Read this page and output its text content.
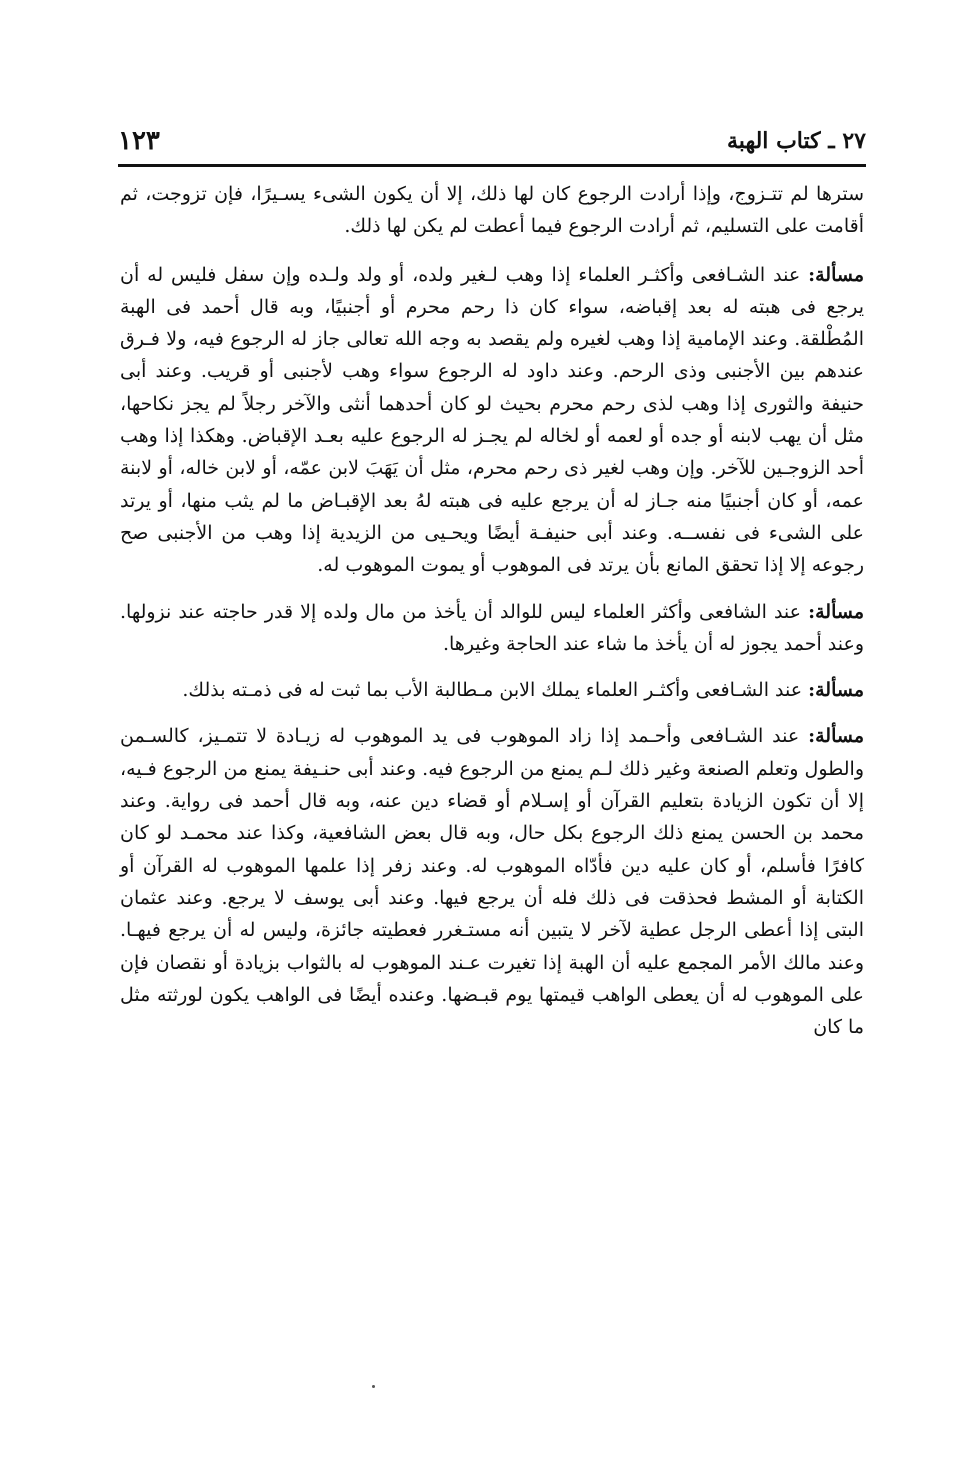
٢٧ ـ كتاب الهبة
١٢٣

سترها لم تتـزوج، وإذا أرادت الرجوع كان لها ذلك، إلا أن يكون الشىء يسـيرًا، فإن تزوجت، ثم أقامت على التسليم، ثم أرادت الرجوع فيما أعطت لم يكن لها ذلك.

مسألة: عند الشـافعى وأكثـر العلماء إذا وهب لـغير ولده، أو ولد ولـده وإن سفل فليس له أن يرجع فى هبته له بعد إقباضه، سواء كان ذا رحم محرم أو أجنبيًا، وبه قال أحمد فى الهبة المُطْلقة. وعند الإمامية إذا وهب لغيره ولم يقصد به وجه الله تعالى جاز له الرجوع فيه، ولا فـرق عندهم بين الأجنبى وذى الرحم. وعند داود له الرجوع سواء وهب لأجنبى أو قريب. وعند أبى حنيفة والثورى إذا وهب لذى رحم محرم بحيث لو كان أحدهما أنثى والآخر رجلاً لم يجز نكاحها، مثل أن يهب لابنه أو جده أو لعمه أو لخاله لم يجـز له الرجوع عليه بعـد الإقباض. وهكذا إذا وهب أحد الزوجـين للآخر. وإن وهب لغير ذى رحم محرم، مثل أن يَهَبَ لابن عمّه، أو لابن خاله، أو لابنة عمه، أو كان أجنبيًا منه جـاز له أن يرجع عليه فى هبته لهُ بعد الإقبـاض ما لم يثب منها، أو يرتد على الشىء فى نفســه. وعند أبى حنيفـة أيضًا ويحـيى من الزيدية إذا وهب من الأجنبى صح رجوعه إلا إذا تحقق المانع بأن يرتد فى الموهوب أو يموت الموهوب له.

مسألة: عند الشافعى وأكثر العلماء ليس للوالد أن يأخذ من مال ولده إلا قدر حاجته عند نزولها. وعند أحمد يجوز له أن يأخذ ما شاء عند الحاجة وغيرها.

مسألة: عند الشـافعى وأكثـر العلماء يملك الابن مـطالبة الأب بما ثبت له فى ذمـته بذلك.

مسألة: عند الشـافعى وأحـمد إذا زاد الموهوب فى يد الموهوب له زيـادة لا تتمـيز، كالسـمن والطول وتعلم الصنعة وغير ذلك لـم يمنع من الرجوع فيه. وعند أبى حنـيفة يمنع من الرجوع فـيه، إلا أن تكون الزيادة بتعليم القرآن أو إسـلام أو قضاء دين عنه، وبه قال أحمد فى رواية. وعند محمد بن الحسن يمنع ذلك الرجوع بكل حال، وبه قال بعض الشافعية، وكذا عند محمـد لو كان كافرًا فأسلم، أو كان عليه دين فأدّاه الموهوب له. وعند زفر إذا علمها الموهوب له القرآن أو الكتابة أو المشط فحذقت فى ذلك فله أن يرجع فيها. وعند أبى يوسف لا يرجع. وعند عثمان البتى إذا أعطى الرجل عطية لآخر لا يتبين أنه مستـغرر فعطيته جائزة، وليس له أن يرجع فيهـا. وعند مالك الأمر المجمع عليه أن الهبة إذا تغيرت عـند الموهوب له بالثواب بزيادة أو نقصان فإن على الموهوب له أن يعطى الواهب قيمتها يوم قبـضها. وعنده أيضًا فى الواهب يكون لورثته مثل ما كان
